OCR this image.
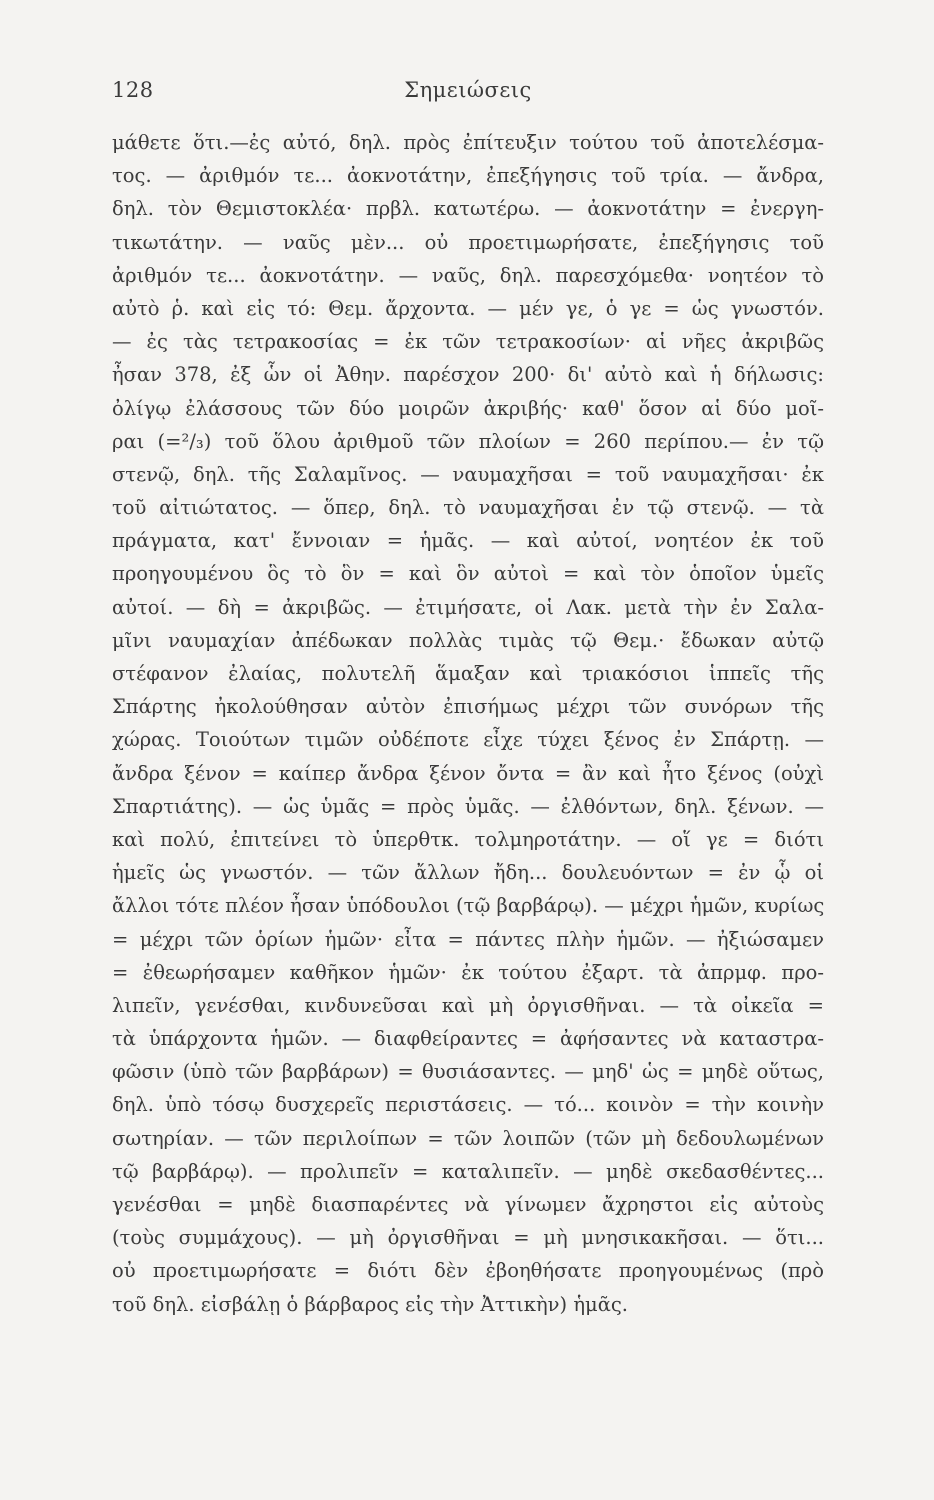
128	Σημειώσεις
μάθετε ὅτι.—ἐς αὐτό, δηλ. πρὸς ἐπίτευξιν τούτου τοῦ ἀποτελέσμα-
τος. — ἀριθμόν τε... ἀοκνοτάτην, ἐπεξήγησις τοῦ τρία. — ἄνδρα,
δηλ. τὸν Θεμιστοκλέα· πρβλ. κατωτέρω. — ἀοκνοτάτην = ἐνεργη-
τικωτάτην. — ναῦς μὲν... οὐ προετιμωρήσατε, ἐπεξήγησις τοῦ
ἀριθμόν τε... ἀοκνοτάτην. — ναῦς, δηλ. παρεσχόμεθα· νοητέον τὸ
αὐτὸ ῥ. καὶ εἰς τό: Θεμ. ἄρχοντα. — μέν γε, ὁ γε = ὡς γνωστόν.
— ἐς τὰς τετρακοσίας = ἐκ τῶν τετρακοσίων· αἱ νῆες ἀκριβῶς
ἦσαν 378, ἐξ ὧν οἱ Ἀθην. παρέσχον 200· δι' αὐτὸ καὶ ἡ δήλωσις:
ὀλίγῳ ἐλάσσους τῶν δύο μοιρῶν ἀκριβής· καθ' ὅσον αἱ δύο μοῖ-
ραι (=²/₃) τοῦ ὅλου ἀριθμοῦ τῶν πλοίων = 260 περίπου.— ἐν τῷ
στενῷ, δηλ. τῆς Σαλαμῖνος. — ναυμαχῆσαι = τοῦ ναυμαχῆσαι· ἐκ
τοῦ αἰτιώτατος. — ὅπερ, δηλ. τὸ ναυμαχῆσαι ἐν τῷ στενῷ. — τὰ
πράγματα, κατ' ἔννοιαν = ἡμᾶς. — καὶ αὐτοί, νοητέον ἐκ τοῦ
προηγουμένου ὃς τὸ ὃν = καὶ ὃν αὐτοὶ = καὶ τὸν ὁποῖον ὑμεῖς
αὐτοί. — δὴ = ἀκριβῶς. — ἐτιμήσατε, οἱ Λακ. μετὰ τὴν ἐν Σαλα-
μῖνι ναυμαχίαν ἀπέδωκαν πολλὰς τιμὰς τῷ Θεμ.· ἔδωκαν αὐτῷ
στέφανον ἐλαίας, πολυτελῆ ἅμαξαν καὶ τριακόσιοι ἱππεῖς τῆς
Σπάρτης ἠκολούθησαν αὐτὸν ἐπισήμως μέχρι τῶν συνόρων τῆς
χώρας. Τοιούτων τιμῶν οὐδέποτε εἶχε τύχει ξένος ἐν Σπάρτῃ. —
ἄνδρα ξένον = καίπερ ἄνδρα ξένον ὄντα = ἂν καὶ ἦτο ξένος (οὐχὶ
Σπαρτιάτης). — ὡς ὑμᾶς = πρὸς ὑμᾶς. — ἐλθόντων, δηλ. ξένων. —
καὶ πολύ, ἐπιτείνει τὸ ὑπερθτκ. τολμηροτάτην. — οἵ γε = διότι
ἡμεῖς ὡς γνωστόν. — τῶν ἄλλων ἤδη... δουλευόντων = ἐν ᾧ οἱ
ἄλλοι τότε πλέον ἦσαν ὑπόδουλοι (τῷ βαρβάρῳ). — μέχρι ἡμῶν, κυρίως
= μέχρι τῶν ὁρίων ἡμῶν· εἶτα = πάντες πλὴν ἡμῶν. — ἠξιώσαμεν
= ἐθεωρήσαμεν καθῆκον ἡμῶν· ἐκ τούτου ἐξαρτ. τὰ ἀπρμφ. προ-
λιπεῖν, γενέσθαι, κινδυνεῦσαι καὶ μὴ ὀργισθῆναι. — τὰ οἰκεῖα =
τὰ ὑπάρχοντα ἡμῶν. — διαφθείραντες = ἀφήσαντες νὰ καταστρα-
φῶσιν (ὑπὸ τῶν βαρβάρων) = θυσιάσαντες. — μηδ' ὡς = μηδὲ οὕτως,
δηλ. ὑπὸ τόσῳ δυσχερεῖς περιστάσεις. — τό... κοινὸν = τὴν κοινὴν
σωτηρίαν. — τῶν περιλοίπων = τῶν λοιπῶν (τῶν μὴ δεδουλωμένων
τῷ βαρβάρῳ). — προλιπεῖν = καταλιπεῖν. — μηδὲ σκεδασθέντες...
γενέσθαι = μηδὲ διασπαρέντες νὰ γίνωμεν ἄχρηστοι εἰς αὐτοὺς
(τοὺς συμμάχους). — μὴ ὀργισθῆναι = μὴ μνησικακῆσαι. — ὅτι...
οὐ προετιμωρήσατε = διότι δὲν ἐβοηθήσατε προηγουμένως (πρὸ
τοῦ δηλ. εἰσβάλῃ ὁ βάρβαρος εἰς τὴν Ἀττικὴν) ἡμᾶς.
